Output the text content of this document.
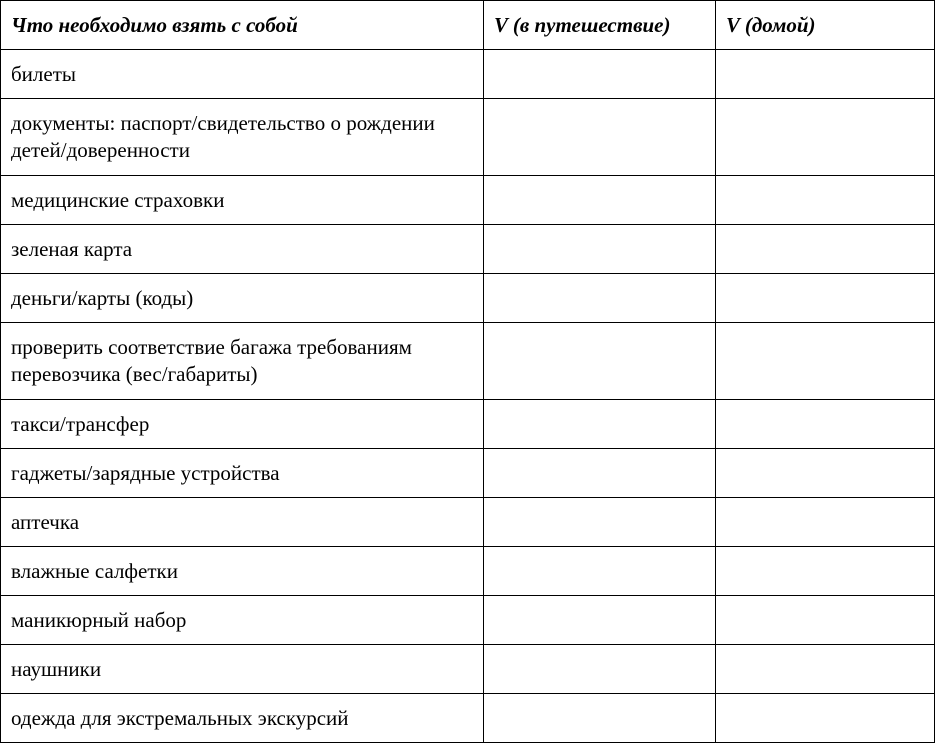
Что необходимо взять с собой	V (в путешествие)	V (домой)
билеты		
документы: паспорт/свидетельство о рождении детей/доверенности		
медицинские страховки		
зеленая карта		
деньги/карты (коды)		
проверить соответствие багажа требованиям перевозчика (вес/габариты)		
такси/трансфер		
гаджеты/зарядные устройства		
аптечка		
влажные салфетки		
маникюрный набор		
наушники		
одежда для экстремальных экскурсий		
